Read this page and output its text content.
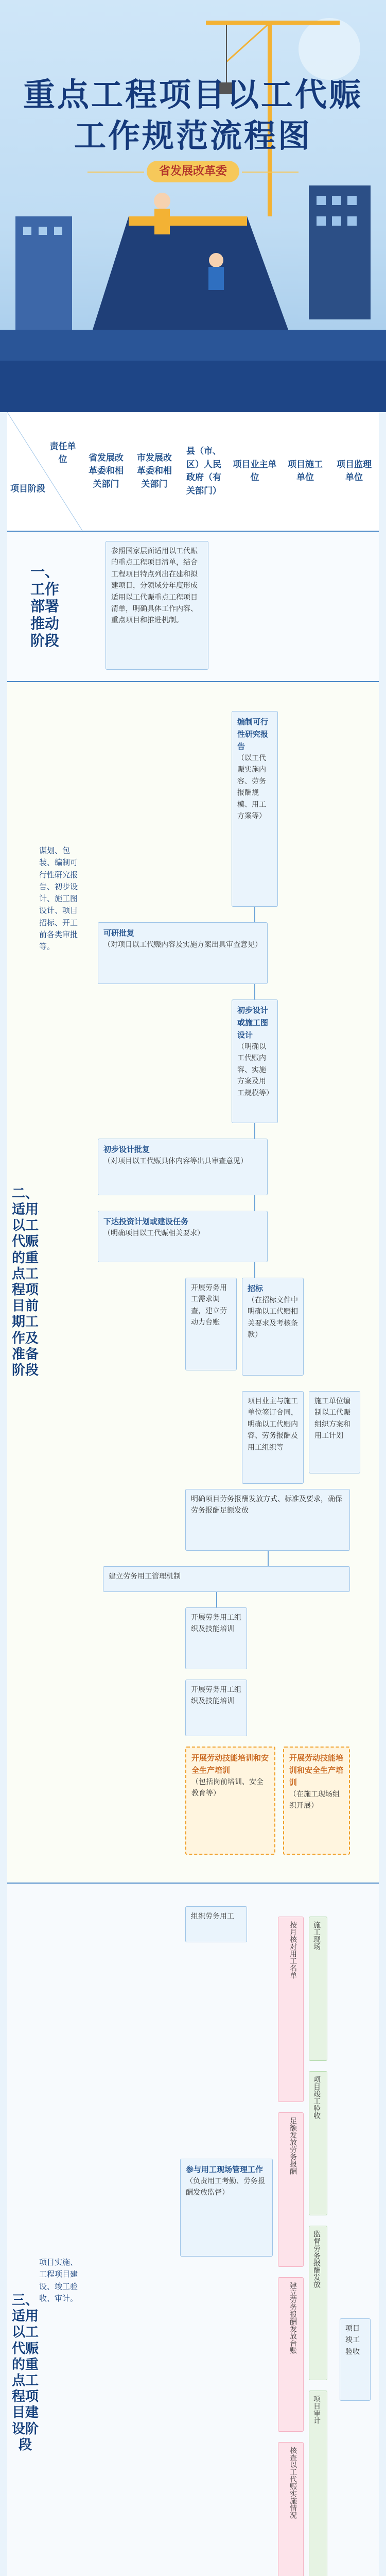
重点工程项目以工代赈
工作规范流程图
省发展改革委
责任单位
项目阶段
省发展改革委和相关部门
市发展改革委和相关部门
县（市、区）人民政府（有关部门）
项目业主单位
项目施工单位
项目监理单位
一、工作部署推动阶段
参照国家层面适用以工代赈的重点工程项目清单，结合工程项目特点列出在建和拟建项目，分领域分年度形成适用以工代赈重点工程项目清单，明确具体工作内容、重点项目和推进机制。
二、适用以工代赈的重点工程项目前期工作及准备阶段
谋划、包装、编制可行性研究报告、初步设计、施工图设计、项目招标、开工前各类审批等。
编制可行性研究报告
（以工代赈实施内容、劳务报酬规模、用工方案等）
可研批复
（对项目以工代赈内容及实施方案出具审查意见）
初步设计或施工图设计
（明确以工代赈内容、实施方案及用工规模等）
初步设计批复
（对项目以工代赈具体内容等出具审查意见）
下达投资计划或建设任务
（明确项目以工代赈相关要求）
开展劳务用工需求调查，建立劳动力台账
招标
（在招标文件中明确以工代赈相关要求及考核条款）
项目业主与施工单位签订合同，明确以工代赈内容、劳务报酬及用工组织等
施工单位编制以工代赈组织方案和用工计划
明确项目劳务报酬发放方式、标准及要求，确保劳务报酬足额发放
建立劳务用工管理机制
开展劳务用工组织及技能培训
开展劳务用工组织及技能培训
开展劳动技能培训和安全生产培训
（包括岗前培训、安全教育等）
开展劳动技能培训和安全生产培训
（在施工现场组织开展）
三、适用以工代赈的重点工程项目建设阶段
项目实施、工程项目建设、竣工验收、审计。
组织劳务用工
参与用工现场管理工作
（负责用工考勤、劳务报酬发放监督）
按月核对用工名单
足额发放劳务报酬
建立劳务报酬发放台账
核查以工代赈实施情况
施工现场
项目竣工验收
监督劳务报酬发放
项目审计
项目竣工验收
